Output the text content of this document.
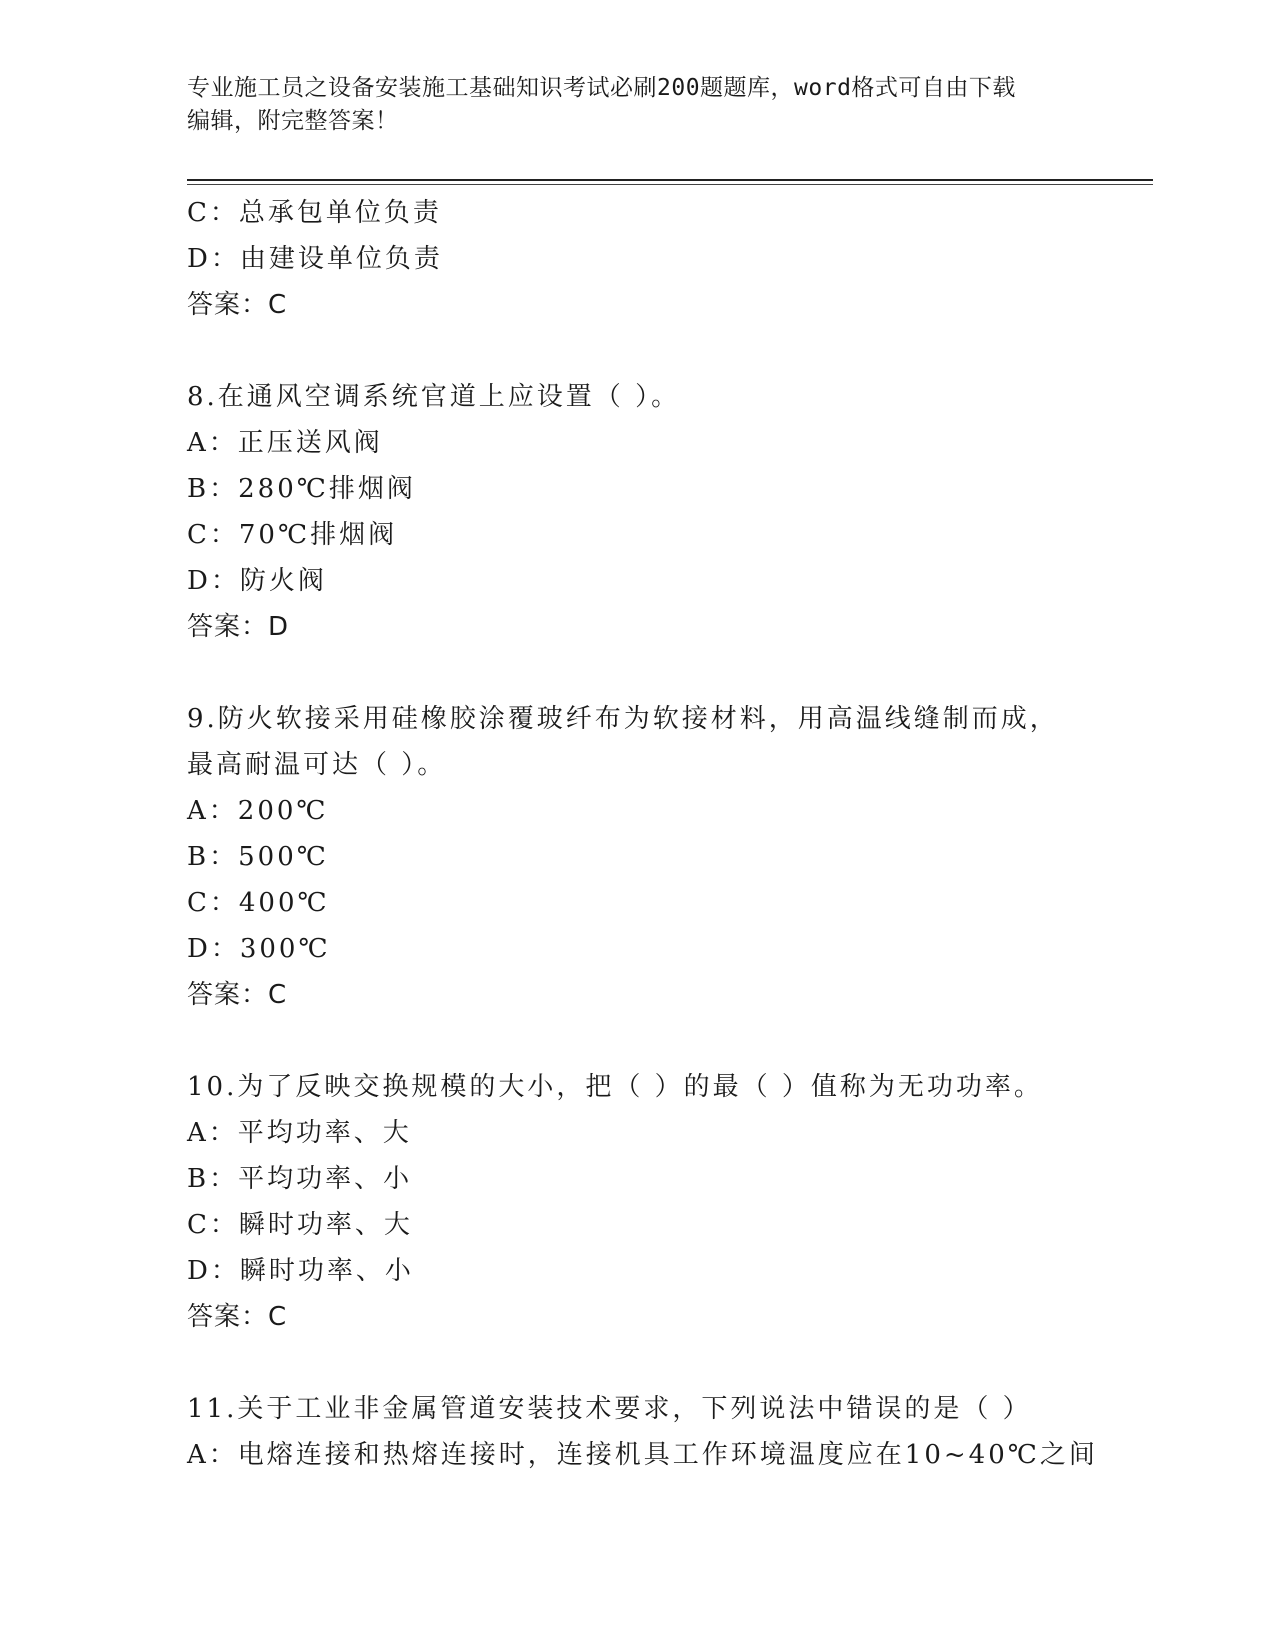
专业施工员之设备安装施工基础知识考试必刷200题题库，word格式可自由下载
编辑，附完整答案！
C：总承包单位负责
D：由建设单位负责
答案：C
8.在通风空调系统官道上应设置（ ）。
A：正压送风阀
B：280℃排烟阀
C：70℃排烟阀
D：防火阀
答案：D
9.防火软接采用硅橡胶涂覆玻纤布为软接材料，用高温线缝制而成，
最高耐温可达（ ）。
A：200℃
B：500℃
C：400℃
D：300℃
答案：C
10.为了反映交换规模的大小，把（ ）的最（ ）值称为无功功率。
A：平均功率、大
B：平均功率、小
C：瞬时功率、大
D：瞬时功率、小
答案：C
11.关于工业非金属管道安装技术要求，下列说法中错误的是（ ）
A：电熔连接和热熔连接时，连接机具工作环境温度应在10~40℃之间
